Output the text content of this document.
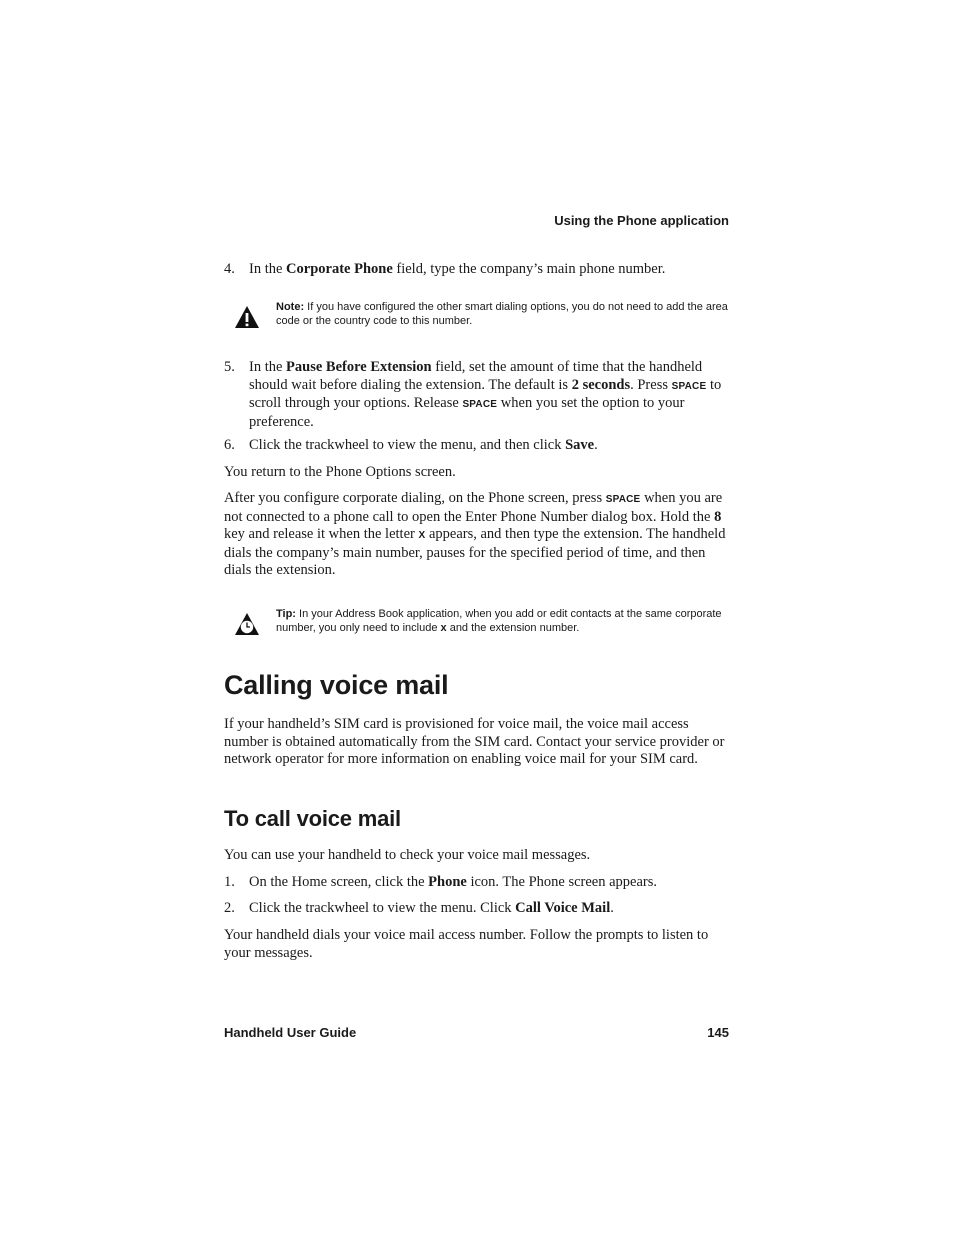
Using the Phone application
4. In the Corporate Phone field, type the company’s main phone number.
Note: If you have configured the other smart dialing options, you do not need to add the area code or the country code to this number.
5. In the Pause Before Extension field, set the amount of time that the handheld should wait before dialing the extension. The default is 2 seconds. Press SPACE to scroll through your options. Release SPACE when you set the option to your preference.
6. Click the trackwheel to view the menu, and then click Save.
You return to the Phone Options screen.
After you configure corporate dialing, on the Phone screen, press SPACE when you are not connected to a phone call to open the Enter Phone Number dialog box. Hold the 8 key and release it when the letter X appears, and then type the extension. The handheld dials the company’s main number, pauses for the specified period of time, and then dials the extension.
Tip: In your Address Book application, when you add or edit contacts at the same corporate number, you only need to include x and the extension number.
Calling voice mail
If your handheld’s SIM card is provisioned for voice mail, the voice mail access number is obtained automatically from the SIM card. Contact your service provider or network operator for more information on enabling voice mail for your SIM card.
To call voice mail
You can use your handheld to check your voice mail messages.
1. On the Home screen, click the Phone icon. The Phone screen appears.
2. Click the trackwheel to view the menu. Click Call Voice Mail.
Your handheld dials your voice mail access number. Follow the prompts to listen to your messages.
Handheld User Guide	145
